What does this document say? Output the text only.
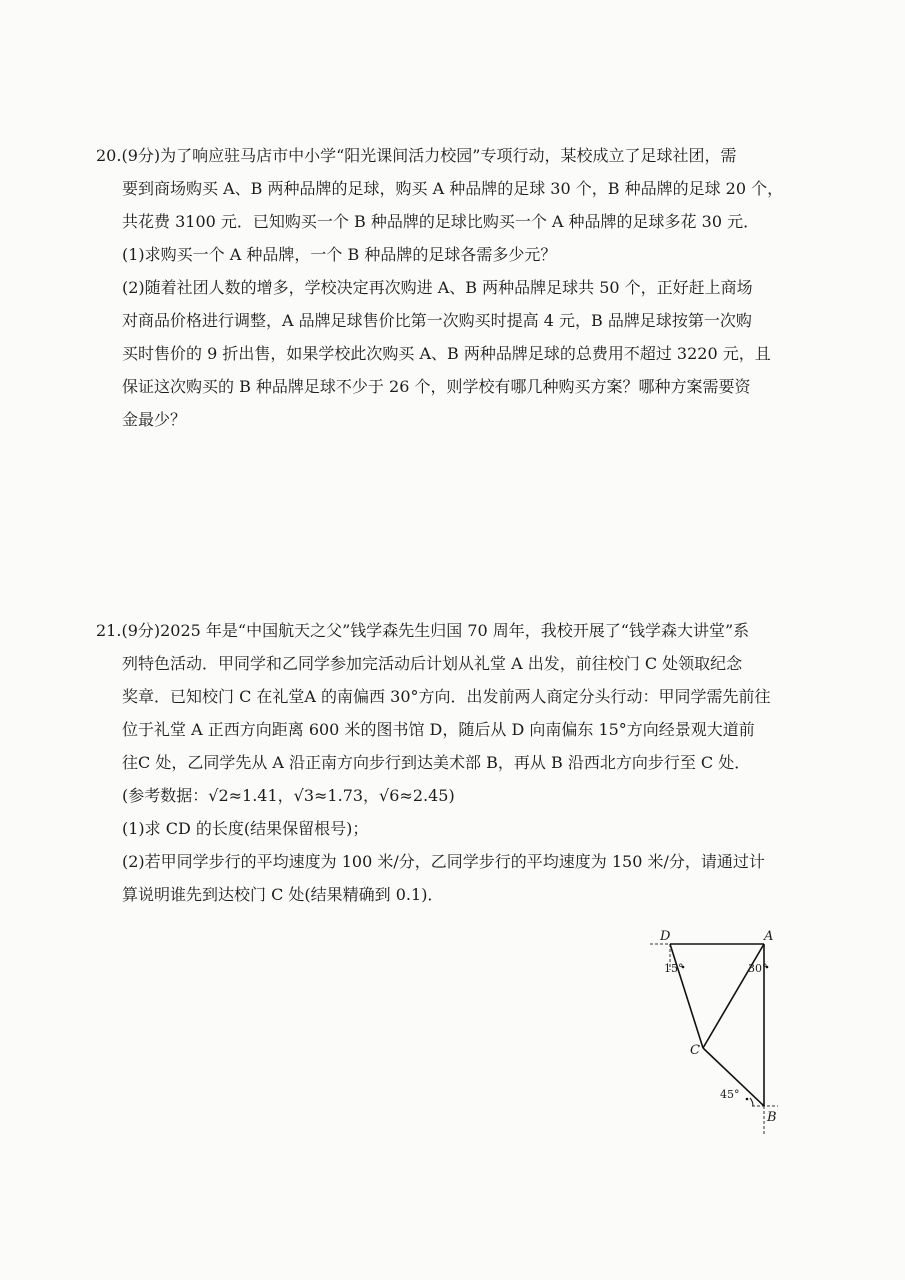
20.(9分)为了响应驻马店市中小学“阳光课间活力校园”专项行动，某校成立了足球社团，需
要到商场购买 A、B 两种品牌的足球，购买 A 种品牌的足球 30 个，B 种品牌的足球 20 个，
共花费 3100 元．已知购买一个 B 种品牌的足球比购买一个 A 种品牌的足球多花 30 元．
(1)求购买一个 A 种品牌，一个 B 种品牌的足球各需多少元？
(2)随着社团人数的增多，学校决定再次购进 A、B 两种品牌足球共 50 个，正好赶上商场
对商品价格进行调整，A 品牌足球售价比第一次购买时提高 4 元，B 品牌足球按第一次购
买时售价的 9 折出售，如果学校此次购买 A、B 两种品牌足球的总费用不超过 3220 元，且
保证这次购买的 B 种品牌足球不少于 26 个，则学校有哪几种购买方案？哪种方案需要资
金最少？
21.(9分)2025 年是“中国航天之父”钱学森先生归国 70 周年，我校开展了“钱学森大讲堂”系
列特色活动．甲同学和乙同学参加完活动后计划从礼堂 A 出发，前往校门 C 处领取纪念
奖章．已知校门 C 在礼堂A 的南偏西 30°方向．出发前两人商定分头行动：甲同学需先前往
位于礼堂 A 正西方向距离 600 米的图书馆 D，随后从 D 向南偏东 15°方向经景观大道前
往C 处，乙同学先从 A 沿正南方向步行到达美术部 B，再从 B 沿西北方向步行至 C 处．
(参考数据：√2≈1.41，√3≈1.73，√6≈2.45)
(1)求 CD 的长度(结果保留根号)；
(2)若甲同学步行的平均速度为 100 米/分，乙同学步行的平均速度为 150 米/分，请通过计
算说明谁先到达校门 C 处(结果精确到 0.1)．
D	A
C
B
15°	30°
45°
